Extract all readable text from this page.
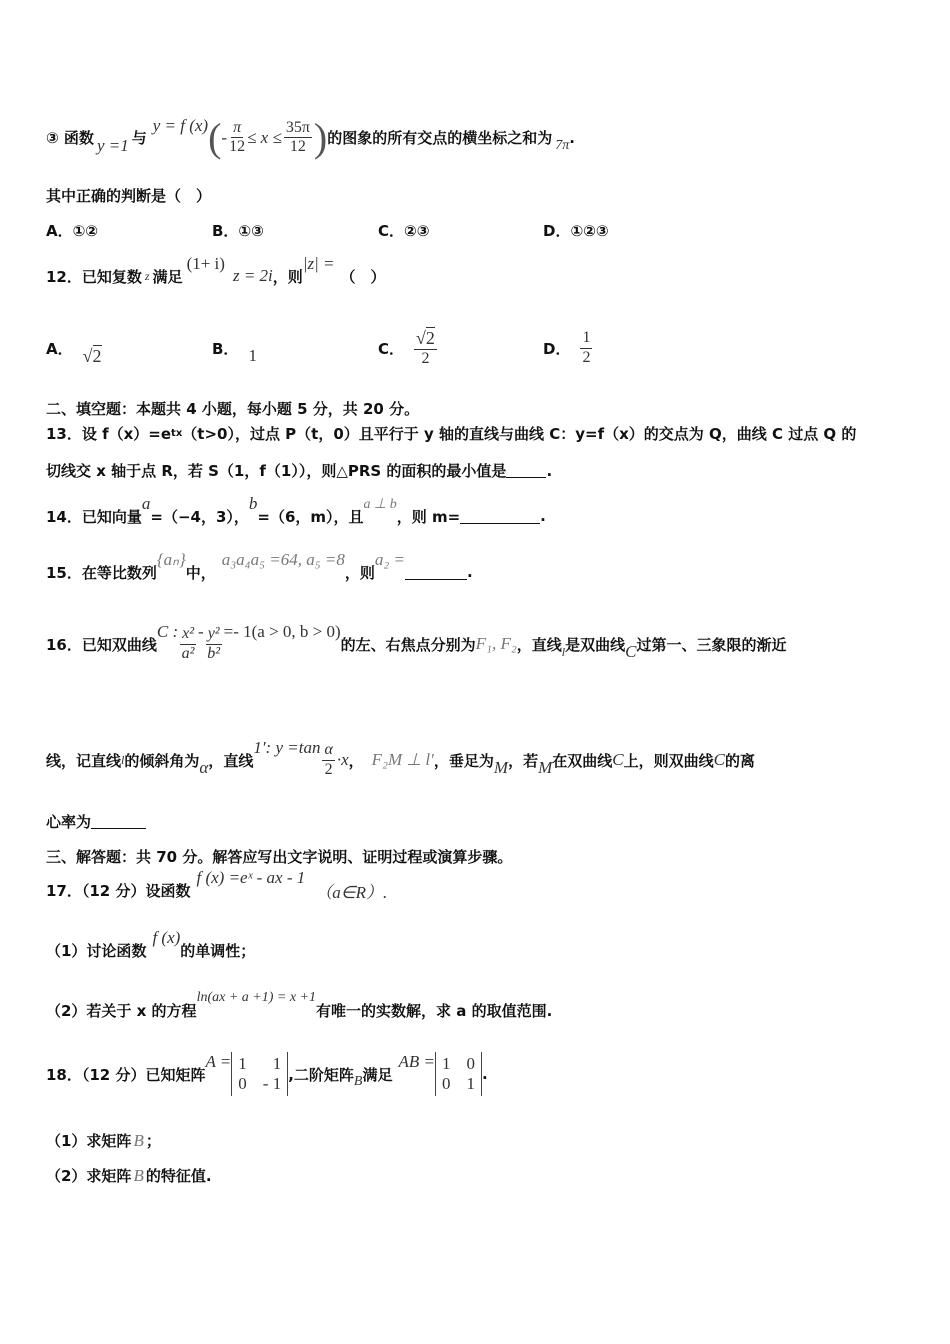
③ 函数 y =1 与
y = f (x) ( - $\frac{\pi}{12} \le x \le \frac{35\pi}{12}$ ) 的图象的所有交点的横坐标之和为 7π .
其中正确的判断是（　）
A．①②	B．①③	C．②③	D．①②③
12．已知复数 z 满足
(1+ i)
z = 2i ，则
|z| =
（　）
A． √2	B． 1	C． $\frac{√2}{2}$	D． $\frac{1}{2}$
二、填空题：本题共 4 小题，每小题 5 分，共 20 分。
13．设 f（x）=e tx （t>0），过点 P（t，0）且平行于 y 轴的直线与曲线 C：y=f（x）的交点为 Q，曲线 C 过点 Q 的
切线交 x 轴于点 R，若 S（1，f（1）），则△PRS 的面积的最小值是	.
14．已知向量
a
=（−4，3），
b
=（6，m），且
a ⊥ b
，则 m=	.
15．在等比数列
{aₙ}
中，
a₃a₄a₅ =64, a₅ =8
，则
a₂ =
.
16．已知双曲线
C : $\frac{\text{x²}}{\text{a²}} - \frac{\text{y²}}{\text{b²}} =- 1(a > 0$, b > 0)
的左、右焦点分别为 F₁, F₂ ，直线 l 是双曲线 C 过第一、三象限的渐近
线，记直线 l 的倾斜角为 α ，直线
1′: $y =\tan \frac{\alpha}{2} \cdot x$ ， F₂M ⊥ l′ ，垂足为 M ，若 M 在双曲线 C 上，则双曲线 C 的离
心率为
三、解答题：共 70 分。解答应写出文字说明、证明过程或演算步骤。
17．（12 分）设函数
f (x) =eˣ - ax - 1
（a∈R）.
（1）讨论函数
f (x)
的单调性；
（2）若关于 x 的方程
ln(ax + a +1) = x +1
有唯一的实数解，求 a 的取值范围.
18．（12 分）已知矩阵
A = 1	1
0 - 1 ,二阶矩阵 B 满足
AB = 1 0
0 1 .
（1）求矩阵 B ；
（2）求矩阵 B 的特征值.
